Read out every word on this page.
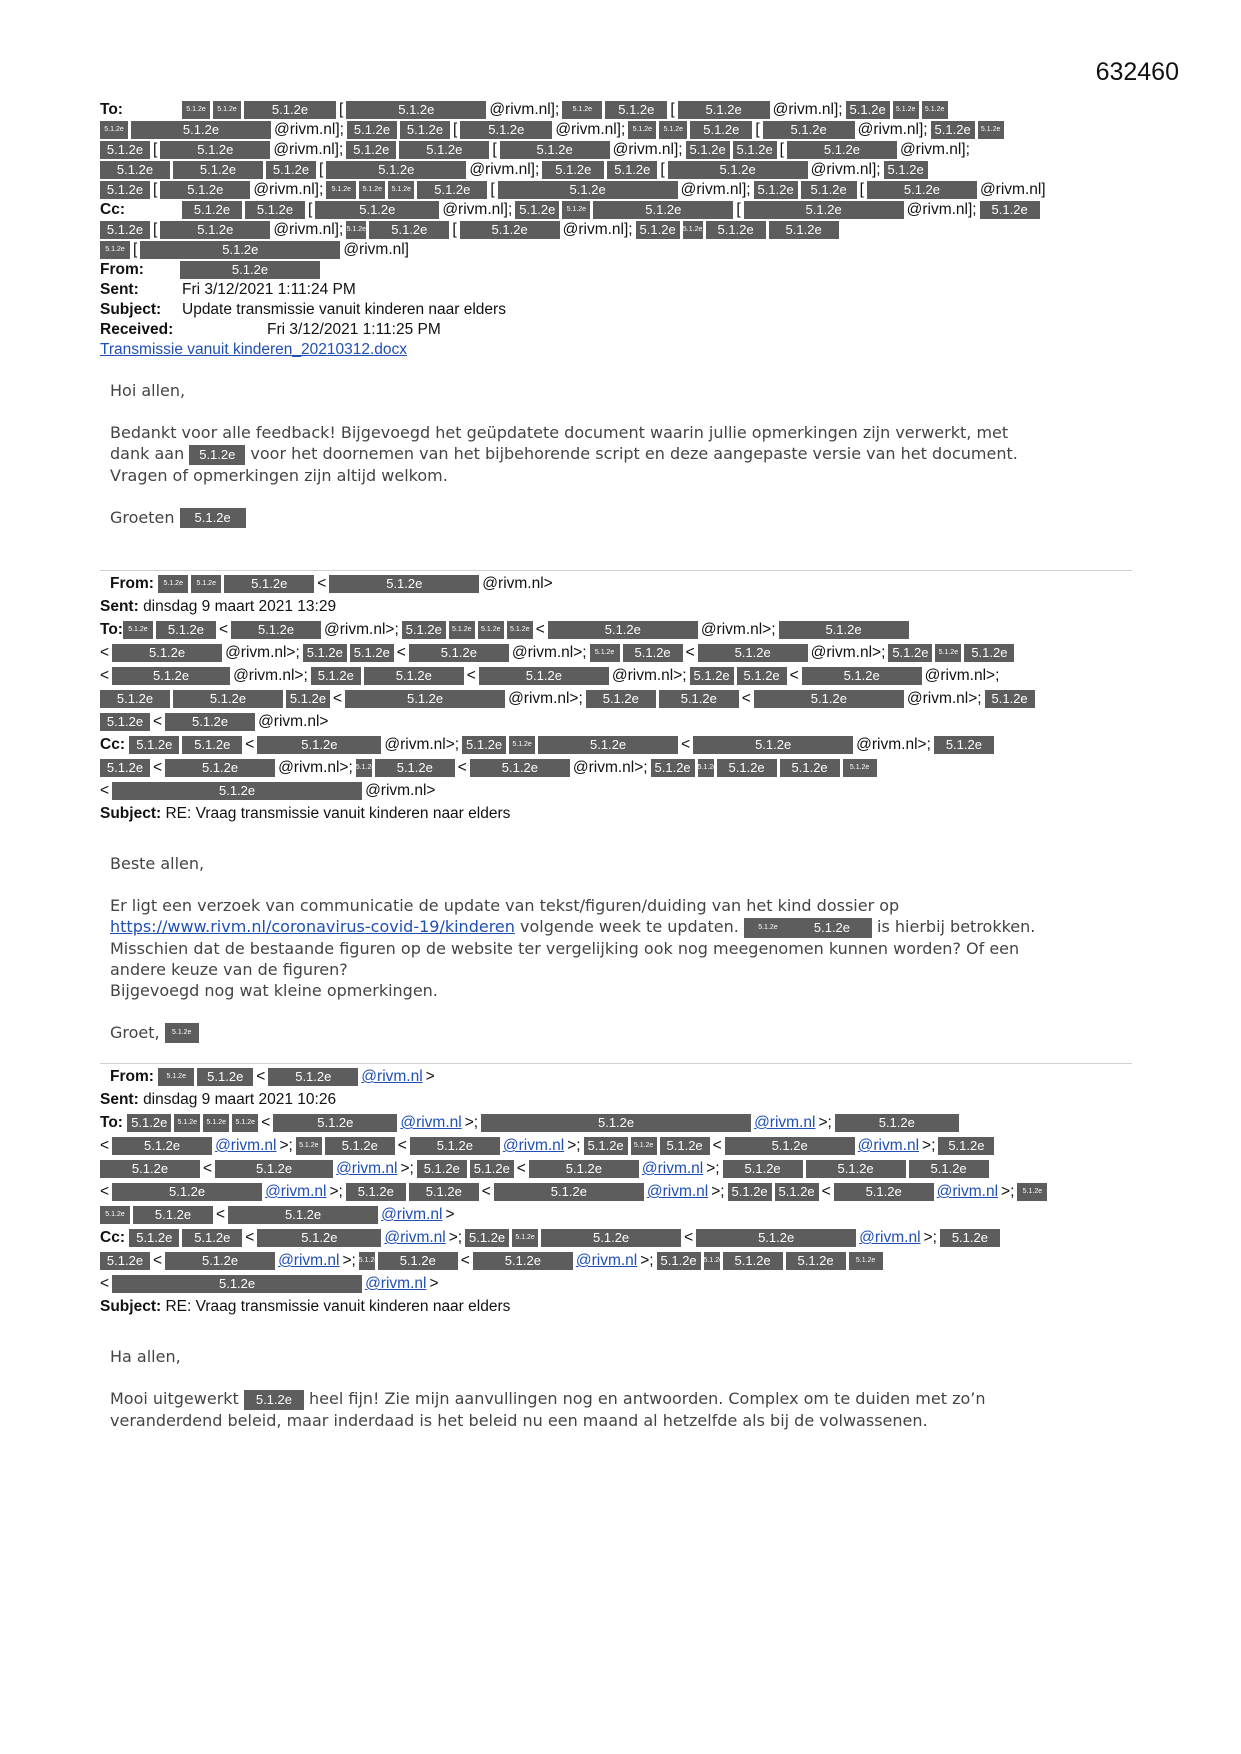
632460
To:	5.1.2e 5.1.2e	5.1.2e [	5.1.2e	@rivm.nl]; 5.1.2e 5.1.2e [ 5.1.2e @rivm.nl]; 5.1.2e 5.1.2e 5.1.2e
5.1.2e	5.1.2e	@rivm.nl]; 5.1.2e 5.1.2e [ 5.1.2e @rivm.nl]; 5.1.2e 5.1.2e 5.1.2e [ 5.1.2e @rivm.nl]; 5.1.2e 5.1.2e
5.1.2e [	5.1.2e	@rivm.nl]; 5.1.2e	5.1.2e [	5.1.2e	@rivm.nl]; 5.1.2e 5.1.2e [	5.1.2e	@rivm.nl];
5.1.2e	5.1.2e	5.1.2e [	5.1.2e	@rivm.nl]; 5.1.2e 5.1.2e [	5.1.2e	@rivm.nl]; 5.1.2e
5.1.2e [ 5.1.2e @rivm.nl]; 5.1.2e 5.1.2e 5.1.2e 5.1.2e [	5.1.2e	@rivm.nl]; 5.1.2e 5.1.2e [	5.1.2e	@rivm.nl]
Cc:	5.1.2e 5.1.2e [	5.1.2e	@rivm.nl]; 5.1.2e 5.1.2e	5.1.2e	[	5.1.2e	@rivm.nl]; 5.1.2e
5.1.2e [	5.1.2e	@rivm.nl]; 5.1.2e 5.1.2e [	5.1.2e @rivm.nl]; 5.1.2e 5.1.2e 5.1.2e 5.1.2e
5.1.2e [	5.1.2e	@rivm.nl]
From:	5.1.2e
Sent:	Fri 3/12/2021 1:11:24 PM
Subject: Update transmissie vanuit kinderen naar elders
Received:	Fri 3/12/2021 1:11:25 PM
Transmissie vanuit kinderen_20210312.docx

Hoi allen,

Bedankt voor alle feedback! Bijgevoegd het geüpdatete document waarin jullie opmerkingen zijn verwerkt, met

dank aan 5.1.2e voor het doornemen van het bijbehorende script en deze aangepaste versie van het document.

Vragen of opmerkingen zijn altijd welkom.

Groeten 5.1.2e

From: 5.1.2e 5.1.2e	5.1.2e <	5.1.2e	@rivm.nl>
Sent: dinsdag 9 maart 2021 13:29
To: 5.1.2e 5.1.2e < 5.1.2e @rivm.nl>; 5.1.2e 5.1.2e 5.1.2e 5.1.2e <	5.1.2e	@rivm.nl>;	5.1.2e
<	5.1.2e	@rivm.nl>; 5.1.2e 5.1.2e <	5.1.2e @rivm.nl>; 5.1.2e 5.1.2e <	5.1.2e	@rivm.nl>; 5.1.2e 5.1.2e 5.1.2e
<	5.1.2e	@rivm.nl>; 5.1.2e	5.1.2e <	5.1.2e	@rivm.nl>; 5.1.2e 5.1.2e <	5.1.2e	@rivm.nl>;
5.1.2e	5.1.2e	5.1.2e <	5.1.2e	@rivm.nl>; 5.1.2e	5.1.2e <	5.1.2e	@rivm.nl>; 5.1.2e
5.1.2e < 5.1.2e @rivm.nl>
Cc: 5.1.2e 5.1.2e <	5.1.2e	@rivm.nl>; 5.1.2e 5.1.2e	5.1.2e	<	5.1.2e	@rivm.nl>; 5.1.2e
5.1.2e <	5.1.2e	@rivm.nl>; 5.1.2e 5.1.2e <	5.1.2e @rivm.nl>; 5.1.2e 5.1.2e 5.1.2e 5.1.2e	5.1.2e
<	5.1.2e	@rivm.nl>
Subject: RE: Vraag transmissie vanuit kinderen naar elders

Beste allen,

Er ligt een verzoek van communicatie de update van tekst/figuren/duiding van het kind dossier op

https://www.rivm.nl/coronavirus-covid-19/kinderen volgende week te updaten.	5.1.2e	5.1.2e is hierbij betrokken.

Misschien dat de bestaande figuren op de website ter vergelijking ook nog meegenomen kunnen worden? Of een

andere keuze van de figuren?

Bijgevoegd nog wat kleine opmerkingen.

Groet, 5.1.2e

From: 5.1.2e 5.1.2e < 5.1.2e @rivm.nl >
Sent: dinsdag 9 maart 2021 10:26
To: 5.1.2e 5.1.2e 5.1.2e 5.1.2e <	5.1.2e	@rivm.nl >;	5.1.2e	@rivm.nl >;	5.1.2e
<	5.1.2e @rivm.nl >; 5.1.2e 5.1.2e < 5.1.2e @rivm.nl >; 5.1.2e 5.1.2e 5.1.2e <	5.1.2e	@rivm.nl >; 5.1.2e
5.1.2e <	5.1.2e	@rivm.nl >; 5.1.2e 5.1.2e <	5.1.2e	@rivm.nl >; 5.1.2e	5.1.2e	5.1.2e
<	5.1.2e	@rivm.nl >; 5.1.2e 5.1.2e <	5.1.2e	@rivm.nl >; 5.1.2e 5.1.2e <	5.1.2e @rivm.nl >; 5.1.2e
5.1.2e 5.1.2e <	5.1.2e	@rivm.nl >
Cc: 5.1.2e 5.1.2e <	5.1.2e	@rivm.nl >; 5.1.2e 5.1.2e	5.1.2e	<	5.1.2e	@rivm.nl >; 5.1.2e
5.1.2e <	5.1.2e	@rivm.nl >; 5.1.2e 5.1.2e <	5.1.2e @rivm.nl >; 5.1.2e 5.1.2e 5.1.2e 5.1.2e	5.1.2e
<	5.1.2e	@rivm.nl >
Subject: RE: Vraag transmissie vanuit kinderen naar elders

Ha allen,

Mooi uitgewerkt 5.1.2e heel fijn! Zie mijn aanvullingen nog en antwoorden. Complex om te duiden met zo’n

veranderdend beleid, maar inderdaad is het beleid nu een maand al hetzelfde als bij de volwassenen.
